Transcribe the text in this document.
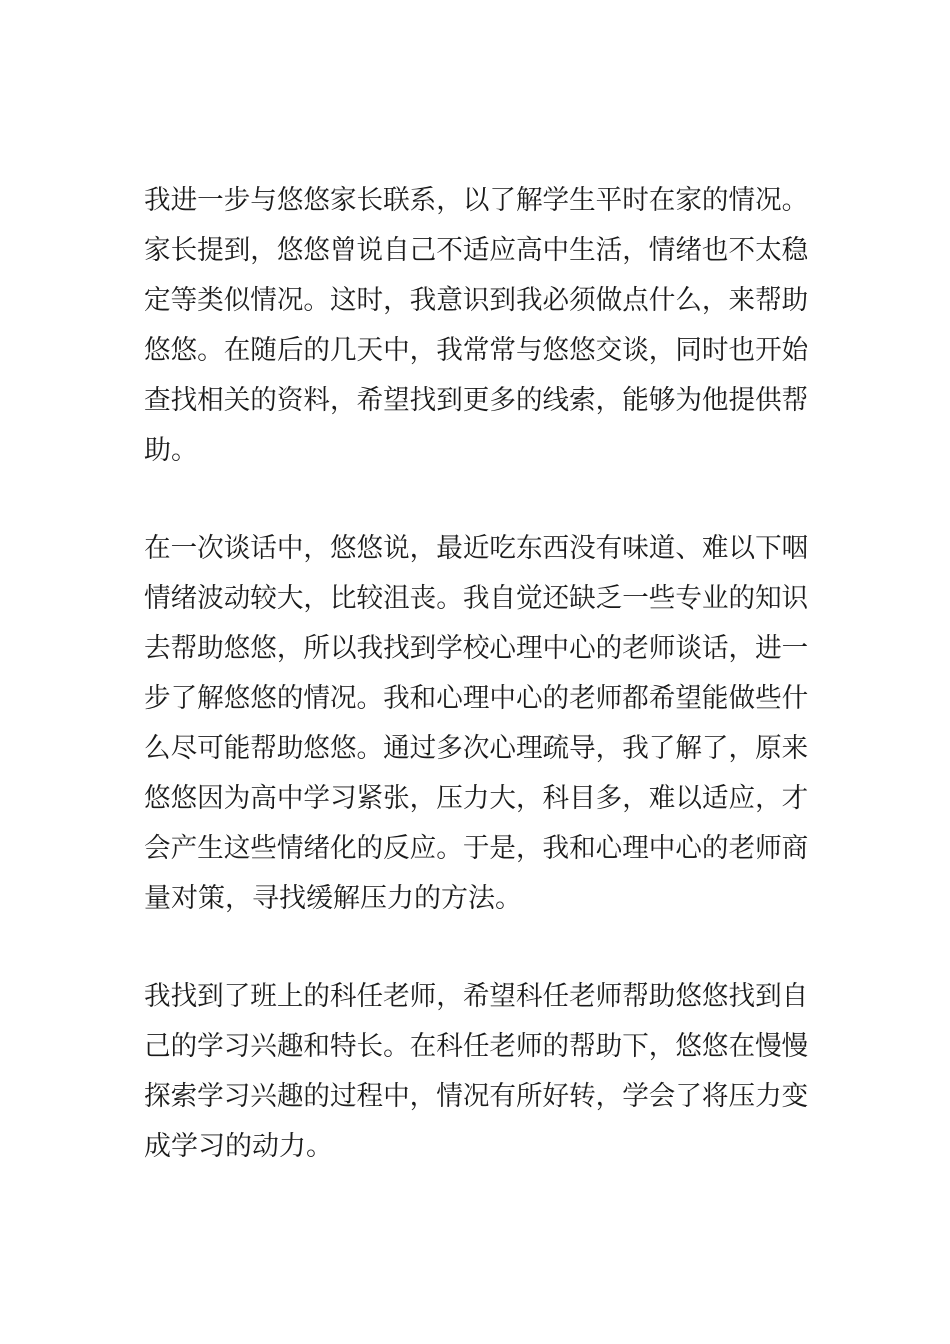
我进一步与悠悠家长联系，以了解学生平时在家的情况。
家长提到，悠悠曾说自己不适应高中生活，情绪也不太稳
定等类似情况。这时，我意识到我必须做点什么，来帮助
悠悠。在随后的几天中，我常常与悠悠交谈，同时也开始
查找相关的资料，希望找到更多的线索，能够为他提供帮
助。

在一次谈话中，悠悠说，最近吃东西没有味道、难以下咽
情绪波动较大，比较沮丧。我自觉还缺乏一些专业的知识
去帮助悠悠，所以我找到学校心理中心的老师谈话，进一
步了解悠悠的情况。我和心理中心的老师都希望能做些什
么尽可能帮助悠悠。通过多次心理疏导，我了解了，原来
悠悠因为高中学习紧张，压力大，科目多，难以适应，才
会产生这些情绪化的反应。于是，我和心理中心的老师商
量对策，寻找缓解压力的方法。

我找到了班上的科任老师，希望科任老师帮助悠悠找到自
己的学习兴趣和特长。在科任老师的帮助下，悠悠在慢慢
探索学习兴趣的过程中，情况有所好转，学会了将压力变
成学习的动力。
